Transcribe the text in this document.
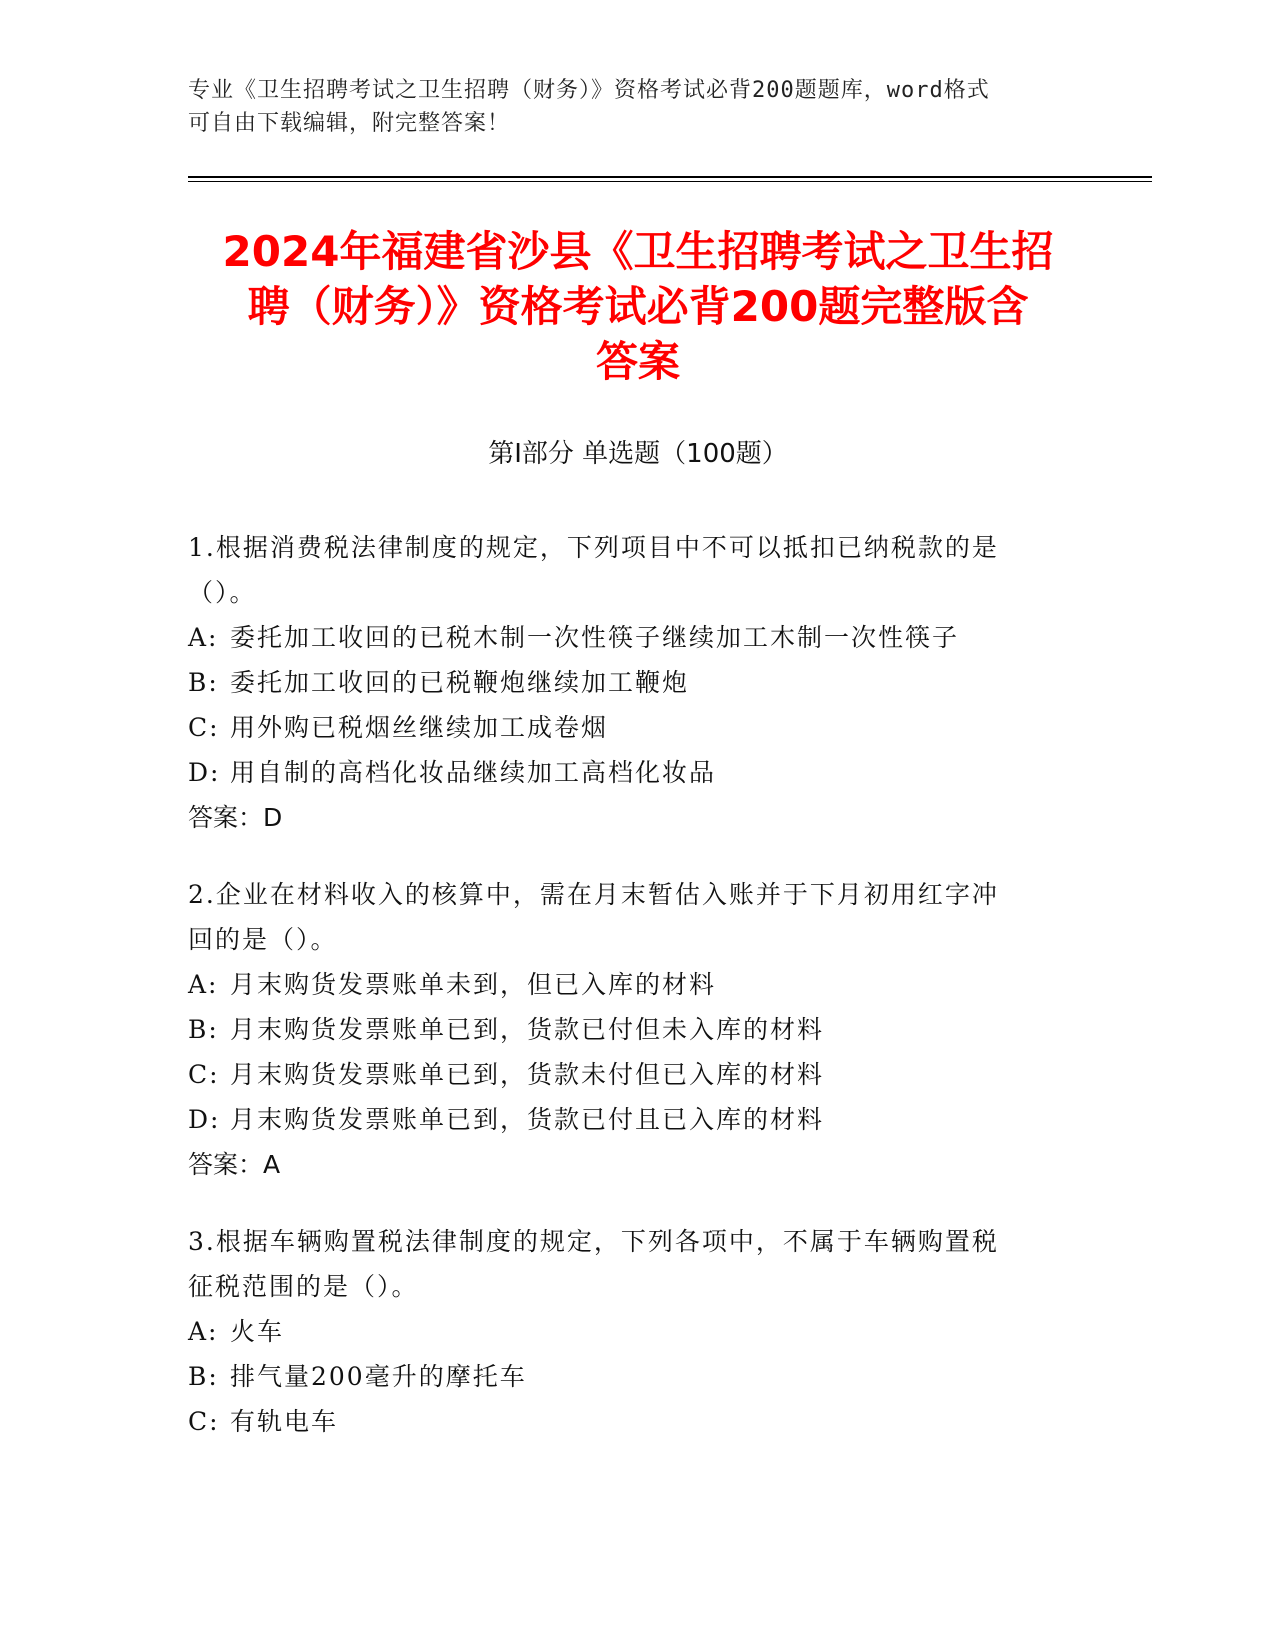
专业《卫生招聘考试之卫生招聘（财务）》资格考试必背200题题库，word格式
可自由下载编辑，附完整答案！
2024年福建省沙县《卫生招聘考试之卫生招
聘（财务）》资格考试必背200题完整版含
答案
第Ⅰ部分 单选题（100题）
1.根据消费税法律制度的规定，下列项目中不可以抵扣已纳税款的是
（）。
A: 委托加工收回的已税木制一次性筷子继续加工木制一次性筷子
B: 委托加工收回的已税鞭炮继续加工鞭炮
C: 用外购已税烟丝继续加工成卷烟
D: 用自制的高档化妆品继续加工高档化妆品
答案：D
2.企业在材料收入的核算中，需在月末暂估入账并于下月初用红字冲
回的是（）。
A: 月末购货发票账单未到，但已入库的材料
B: 月末购货发票账单已到，货款已付但未入库的材料
C: 月末购货发票账单已到，货款未付但已入库的材料
D: 月末购货发票账单已到，货款已付且已入库的材料
答案：A
3.根据车辆购置税法律制度的规定，下列各项中，不属于车辆购置税
征税范围的是（）。
A: 火车
B: 排气量200毫升的摩托车
C: 有轨电车
